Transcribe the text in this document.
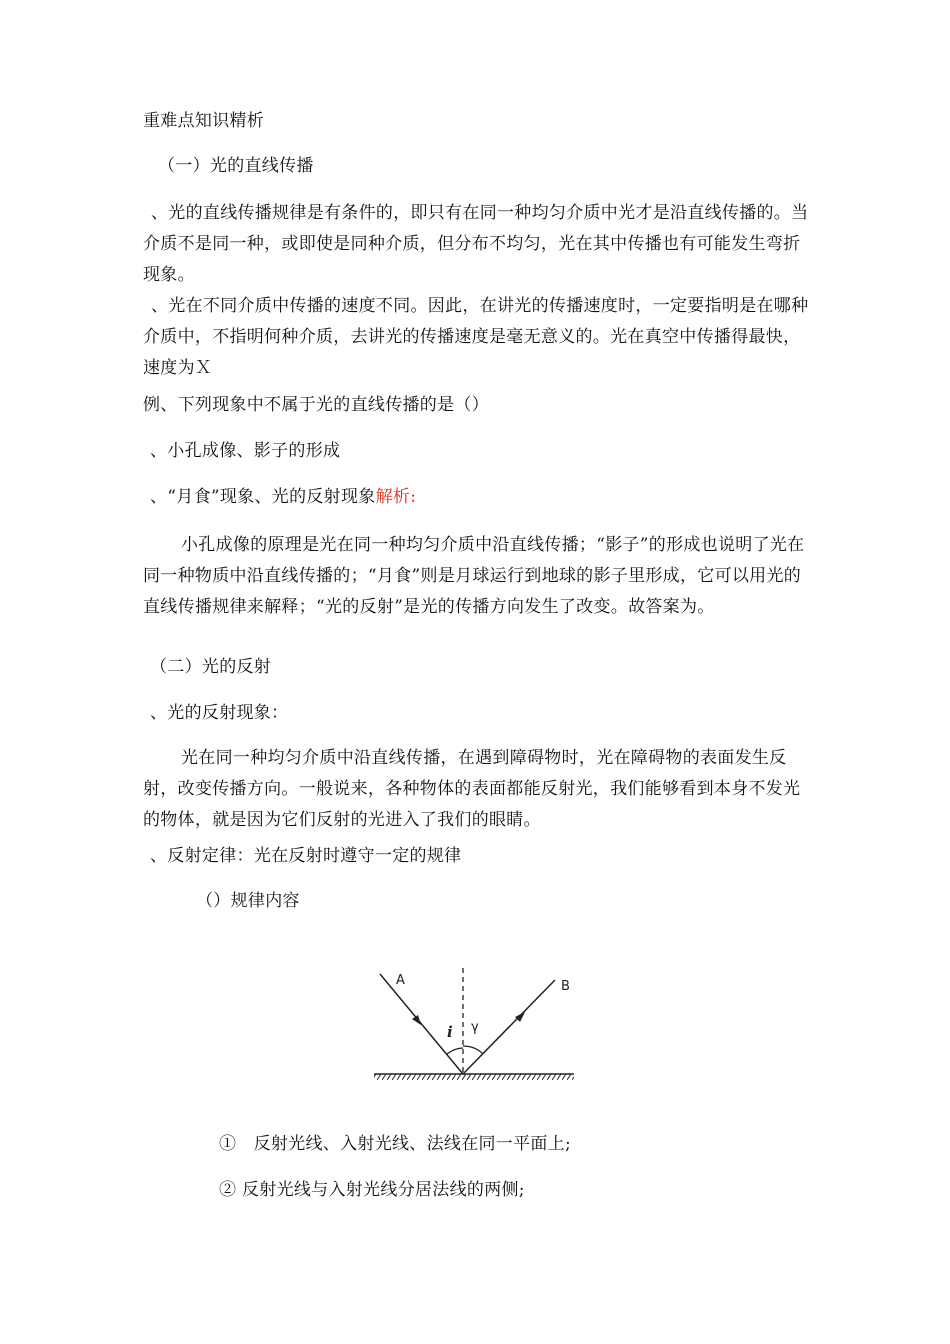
重难点知识精析

（一）光的直线传播

、光的直线传播规律是有条件的，即只有在同一种均匀介质中光才是沿直线传播的。当介质不是同一种，或即使是同种介质，但分布不均匀，光在其中传播也有可能发生弯折现象。

、光在不同介质中传播的速度不同。因此，在讲光的传播速度时，一定要指明是在哪种介质中，不指明何种介质，去讲光的传播速度是毫无意义的。光在真空中传播得最快，速度为Ｘ

例、下列现象中不属于光的直线传播的是（）

、小孔成像、影子的形成

、“月食”现象、光的反射现象解析:

小孔成像的原理是光在同一种均匀介质中沿直线传播；“影子”的形成也说明了光在同一种物质中沿直线传播的；“月食”则是月球运行到地球的影子里形成，它可以用光的直线传播规律来解释；“光的反射”是光的传播方向发生了改变。故答案为。

（二）光的反射

、光的反射现象：

光在同一种均匀介质中沿直线传播，在遇到障碍物时，光在障碍物的表面发生反射，改变传播方向。一般说来，各种物体的表面都能反射光，我们能够看到本身不发光的物体，就是因为它们反射的光进入了我们的眼睛。

、反射定律：光在反射时遵守一定的规律

（）规律内容

A	B
i γ

①　反射光线、入射光线、法线在同一平面上;

② 反射光线与入射光线分居法线的两侧;
